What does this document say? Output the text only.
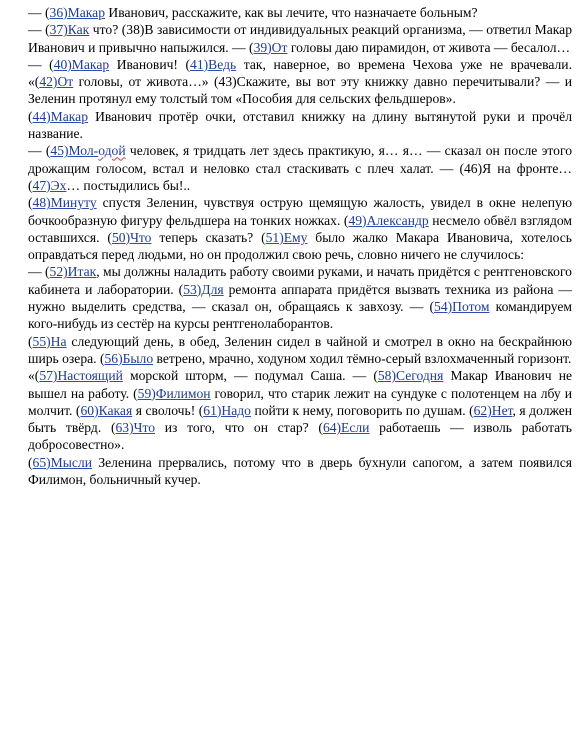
— (36)Макар Иванович, расскажите, как вы лечите, что назначаете больным?

— (37)Как что? (38)В зависимости от индивидуальных реакций организма, — ответил Макар Иванович и привычно напыжился. — (39)От головы даю пирамидон, от живота — бесалол…

— (40)Макар Иванович! (41)Ведь так, наверное, во времена Чехова уже не врачевали. «(42)От головы, от живота…» (43)Скажите, вы вот эту книжку давно перечитывали? — и Зеленин протянул ему толстый том «Пособия для сельских фельдшеров».

(44)Макар Иванович протёр очки, отставил книжку на длину вытянутой руки и прочёл название.

— (45)Мол-одой человек, я тридцать лет здесь практикую, я… я… — сказал он после этого дрожащим голосом, встал и неловко стал стаскивать с плеч халат. — (46)Я на фронте… (47)Эх… постыдились бы!..

(48)Минуту спустя Зеленин, чувствуя острую щемящую жалость, увидел в окне нелепую бочкообразную фигуру фельдшера на тонких ножках. (49)Александр несмело обвёл взглядом оставшихся. (50)Что теперь сказать? (51)Ему было жалко Макара Ивановича, хотелось оправдаться перед людьми, но он продолжил свою речь, словно ничего не случилось:

— (52)Итак, мы должны наладить работу своими руками, и начать придётся с рентгеновского кабинета и лаборатории. (53)Для ремонта аппарата придётся вызвать техника из района — нужно выделить средства, — сказал он, обращаясь к завхозу. — (54)Потом командируем кого-нибудь из сестёр на курсы рентгенолаборантов.

(55)На следующий день, в обед, Зеленин сидел в чайной и смотрел в окно на бескрайнюю ширь озера. (56)Было ветрено, мрачно, ходуном ходил тёмно-серый взлохмаченный горизонт.

«(57)Настоящий морской шторм, — подумал Саша. — (58)Сегодня Макар Иванович не вышел на работу. (59)Филимон говорил, что старик лежит на сундуке с полотенцем на лбу и молчит. (60)Какая я сволочь! (61)Надо пойти к нему, поговорить по душам. (62)Нет, я должен быть твёрд. (63)Что из того, что он стар? (64)Если работаешь — изволь работать добросовестно».

(65)Мысли Зеленина прервались, потому что в дверь бухнули сапогом, а затем появился Филимон, больничный кучер.
